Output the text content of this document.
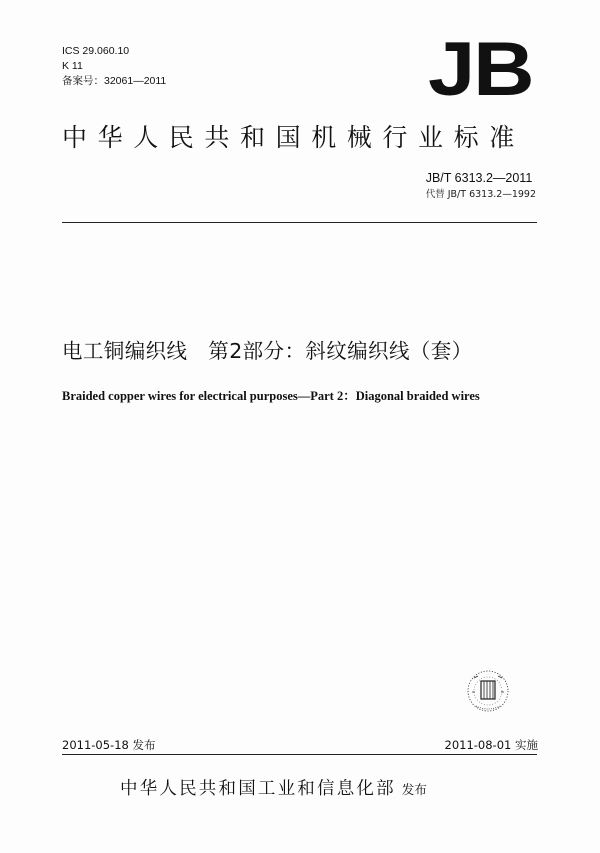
ICS 29.060.10
K 11
备案号：32061—2011	JB
中华人民共和国机械行业标准
JB/T 6313.2—2011
代替 JB/T 6313.2—1992
电工铜编织线　第2部分：斜纹编织线（套）
Braided copper wires for electrical purposes—Part 2：Diagonal braided wires
2011-05-18 发布	2011-08-01 实施
中华人民共和国工业和信息化部 发布
